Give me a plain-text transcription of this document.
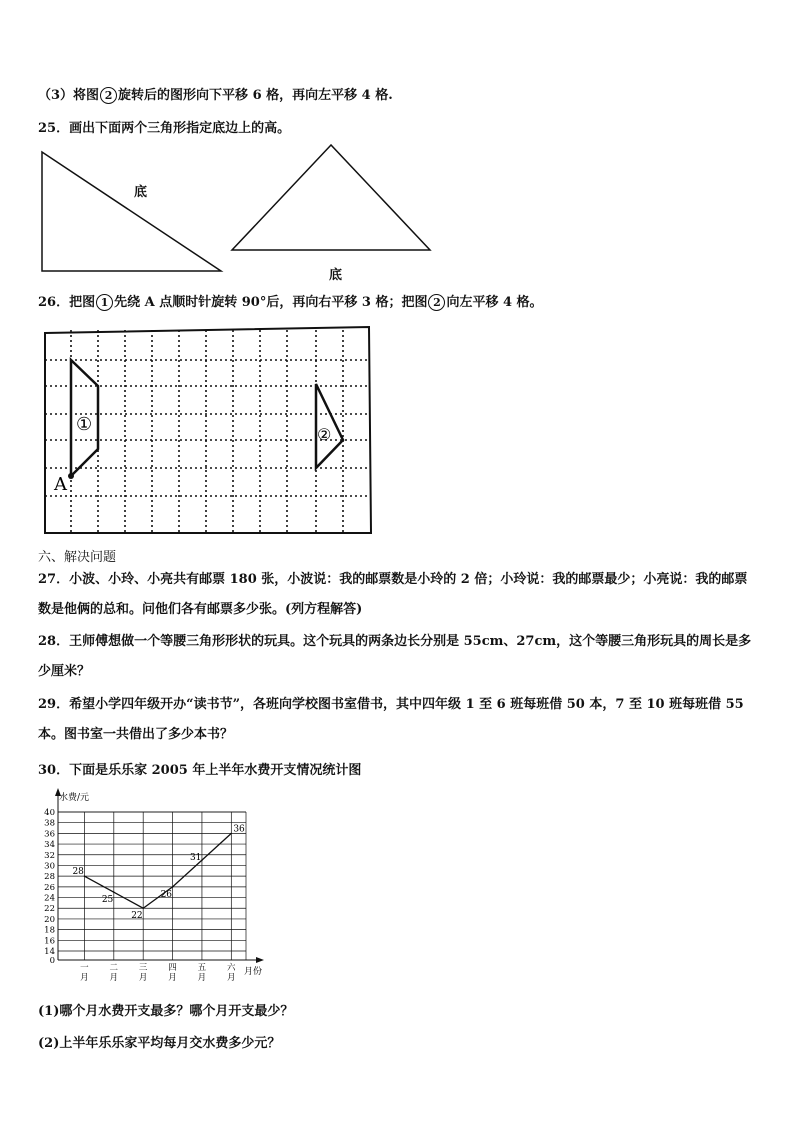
（3）将图 2 旋转后的图形向下平移 6 格，再向左平移 4 格.
25．画出下面两个三角形指定底边上的高。
底
底
26．把图 1 先绕 A 点顺时针旋转 90°后，再向右平移 3 格；把图 2 向左平移 4 格。
①	②
A
六、解决问题
27．小波、小玲、小亮共有邮票 180 张，小波说：我的邮票数是小玲的 2 倍；小玲说：我的邮票最少；小亮说：我的邮票数是他俩的总和。问他们各有邮票多少张。(列方程解答)
28．王师傅想做一个等腰三角形形状的玩具。这个玩具的两条边长分别是 55cm、27cm，这个等腰三角形玩具的周长是多少厘米？
29．希望小学四年级开办“读书节”，各班向学校图书室借书，其中四年级 1 至 6 班每班借 50 本，7 至 10 班每班借 55 本。图书室一共借出了多少本书？
30．下面是乐乐家 2005 年上半年水费开支情况统计图
0
14
16
18
20
22
24
26
28
30
32
34
36
38
40
一月
二月
三月
四月
五月
六月
28
25
22
26
31
36
水费/元
月份
(1)哪个月水费开支最多？哪个月开支最少？
(2)上半年乐乐家平均每月交水费多少元？
